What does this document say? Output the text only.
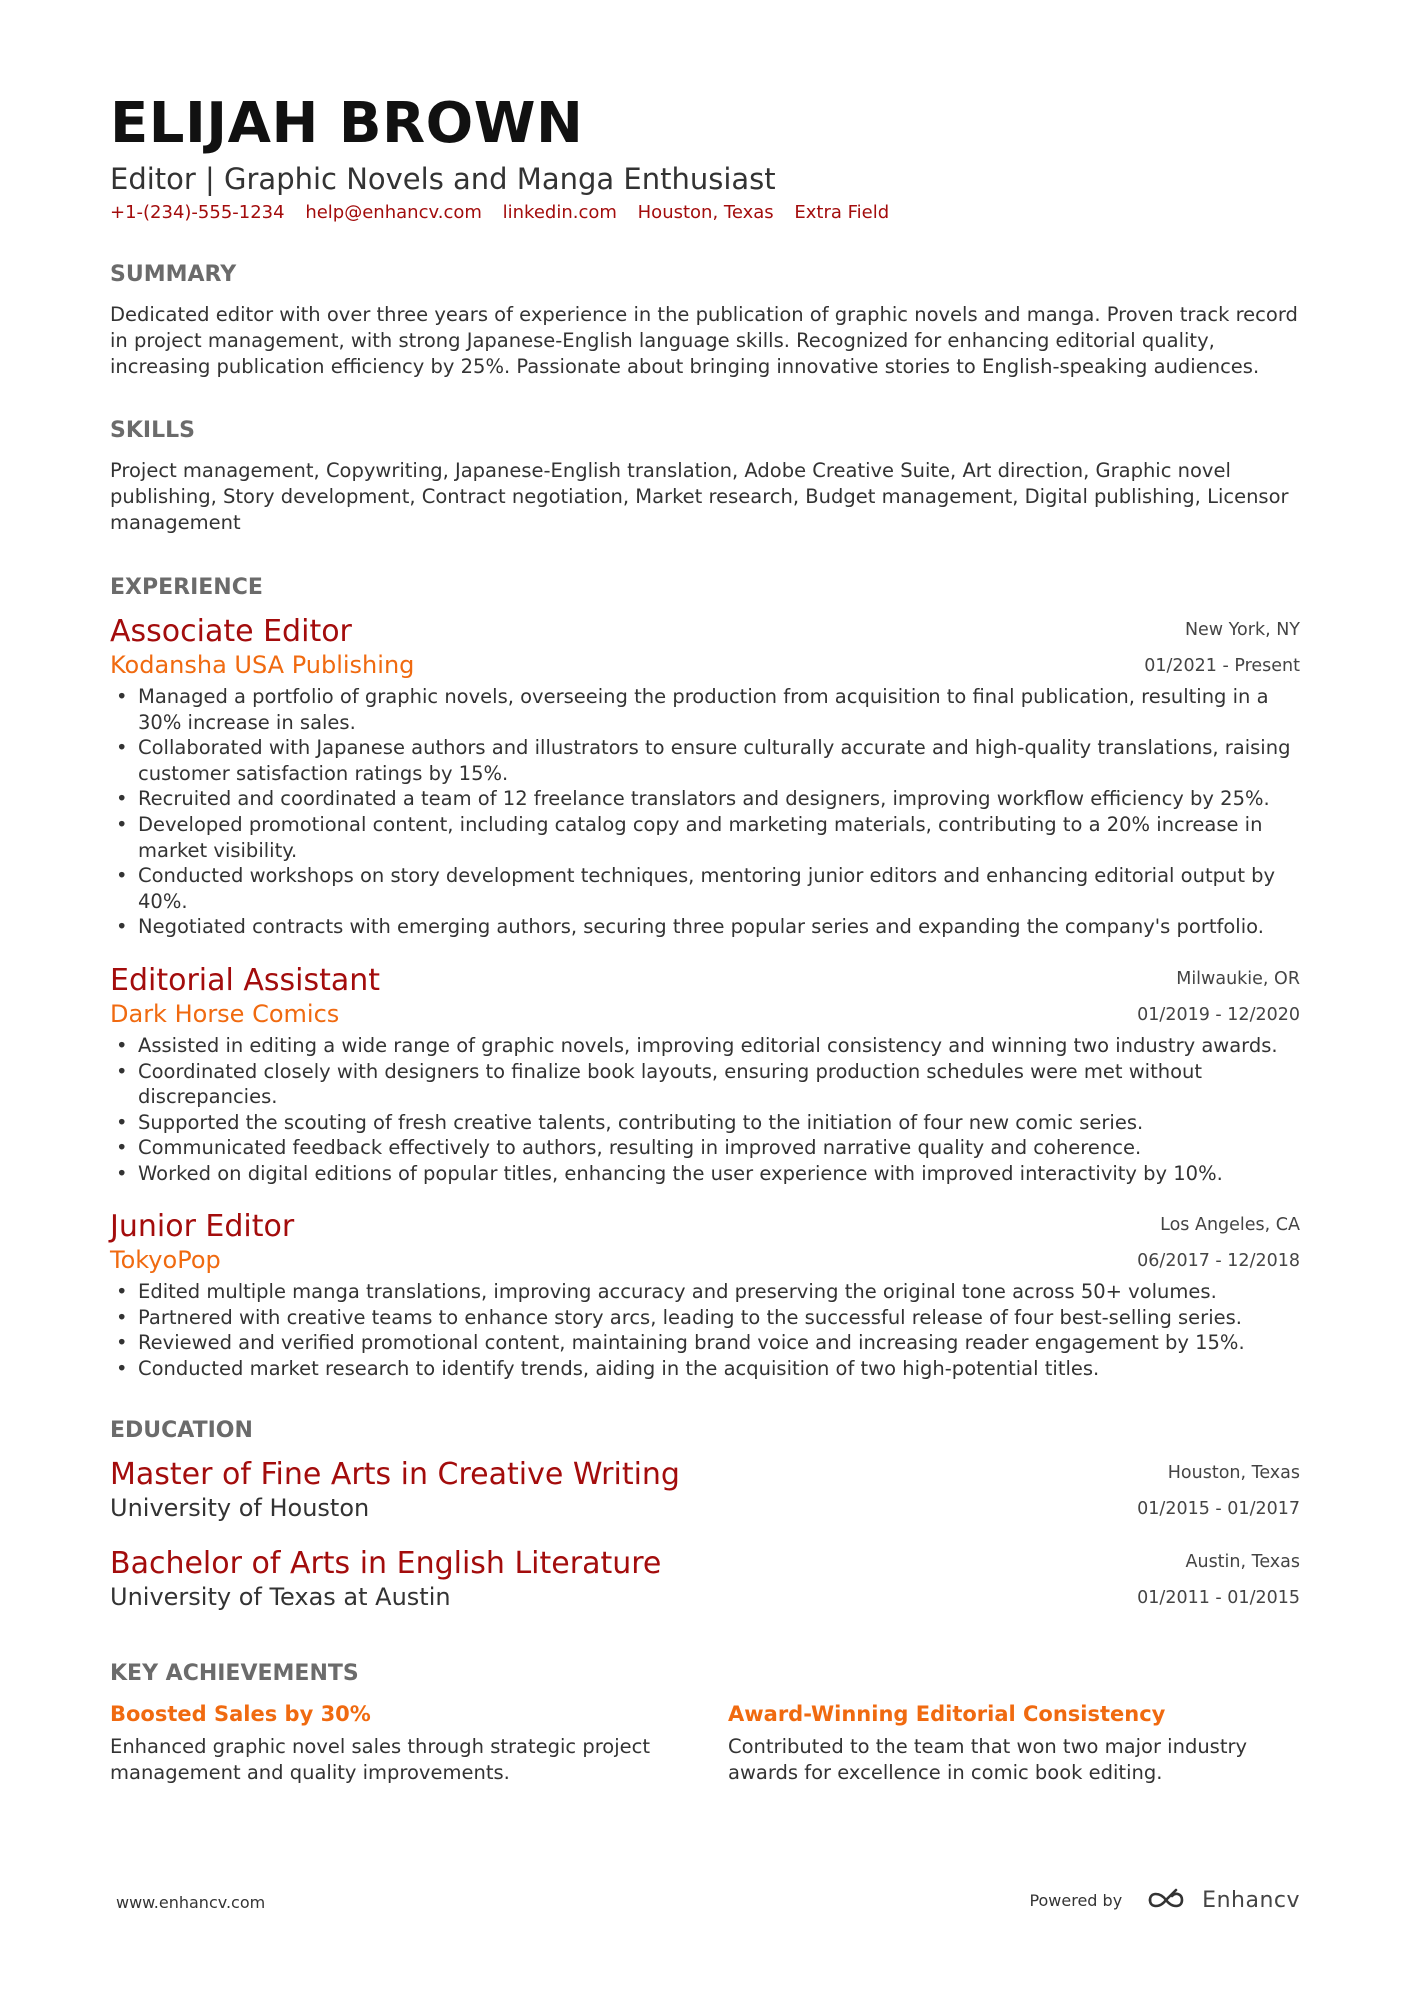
ELIJAH BROWN
Editor | Graphic Novels and Manga Enthusiast
+1-(234)-555-1234 help@enhancv.com linkedin.com Houston, Texas Extra Field
SUMMARY
Dedicated editor with over three years of experience in the publication of graphic novels and manga. Proven track record in project management, with strong Japanese-English language skills. Recognized for enhancing editorial quality, increasing publication efficiency by 25%. Passionate about bringing innovative stories to English-speaking audiences.
SKILLS
Project management, Copywriting, Japanese-English translation, Adobe Creative Suite, Art direction, Graphic novel publishing, Story development, Contract negotiation, Market research, Budget management, Digital publishing, Licensor management
EXPERIENCE
Associate Editor
Kodansha USA Publishing
New York, NY
01/2021 - Present
• Managed a portfolio of graphic novels, overseeing the production from acquisition to final publication, resulting in a 30% increase in sales.
• Collaborated with Japanese authors and illustrators to ensure culturally accurate and high-quality translations, raising customer satisfaction ratings by 15%.
• Recruited and coordinated a team of 12 freelance translators and designers, improving workflow efficiency by 25%.
• Developed promotional content, including catalog copy and marketing materials, contributing to a 20% increase in market visibility.
• Conducted workshops on story development techniques, mentoring junior editors and enhancing editorial output by 40%.
• Negotiated contracts with emerging authors, securing three popular series and expanding the company's portfolio.
Editorial Assistant
Dark Horse Comics
Milwaukie, OR
01/2019 - 12/2020
• Assisted in editing a wide range of graphic novels, improving editorial consistency and winning two industry awards.
• Coordinated closely with designers to finalize book layouts, ensuring production schedules were met without discrepancies.
• Supported the scouting of fresh creative talents, contributing to the initiation of four new comic series.
• Communicated feedback effectively to authors, resulting in improved narrative quality and coherence.
• Worked on digital editions of popular titles, enhancing the user experience with improved interactivity by 10%.
Junior Editor
TokyoPop
Los Angeles, CA
06/2017 - 12/2018
• Edited multiple manga translations, improving accuracy and preserving the original tone across 50+ volumes.
• Partnered with creative teams to enhance story arcs, leading to the successful release of four best-selling series.
• Reviewed and verified promotional content, maintaining brand voice and increasing reader engagement by 15%.
• Conducted market research to identify trends, aiding in the acquisition of two high-potential titles.
EDUCATION
Master of Fine Arts in Creative Writing
University of Houston
Houston, Texas
01/2015 - 01/2017
Bachelor of Arts in English Literature
University of Texas at Austin
Austin, Texas
01/2011 - 01/2015
KEY ACHIEVEMENTS
Boosted Sales by 30%
Enhanced graphic novel sales through strategic project management and quality improvements.
Award-Winning Editorial Consistency
Contributed to the team that won two major industry awards for excellence in comic book editing.
www.enhancv.com	Powered by	Enhancv
